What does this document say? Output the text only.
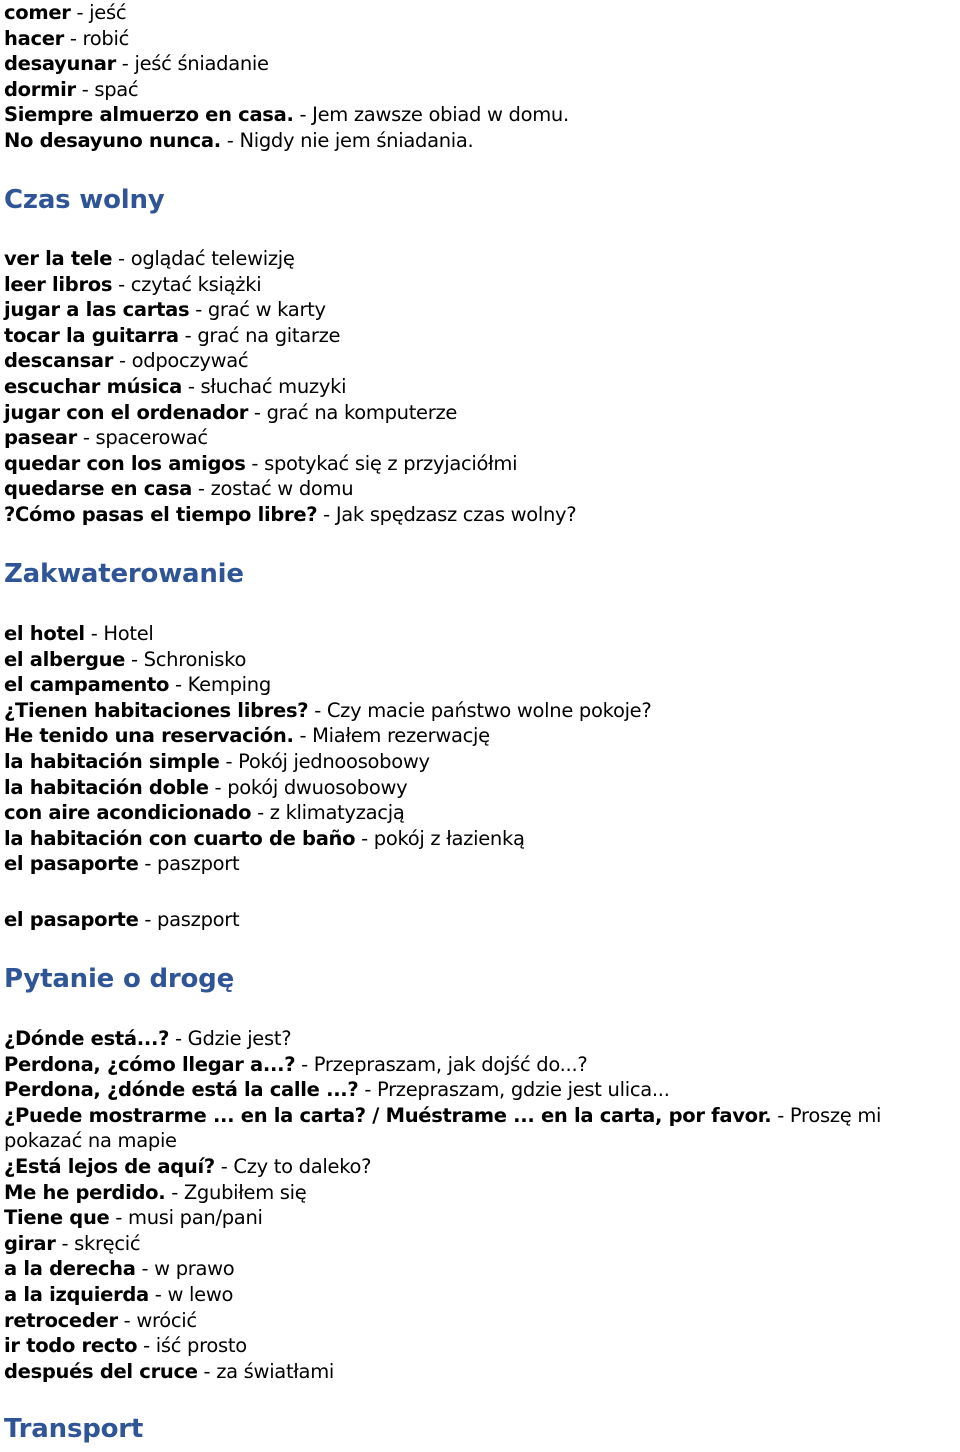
comer - jeść
hacer - robić
desayunar - jeść śniadanie
dormir - spać
Siempre almuerzo en casa. - Jem zawsze obiad w domu.
No desayuno nunca. - Nigdy nie jem śniadania.
Czas wolny
ver la tele - oglądać telewizję
leer libros - czytać książki
jugar a las cartas - grać w karty
tocar la guitarra - grać na gitarze
descansar - odpoczywać
escuchar música - słuchać muzyki
jugar con el ordenador - grać na komputerze
pasear - spacerować
quedar con los amigos - spotykać się z przyjaciółmi
quedarse en casa - zostać w domu
?Cómo pasas el tiempo libre? - Jak spędzasz czas wolny?
Zakwaterowanie
el hotel - Hotel
el albergue - Schronisko
el campamento - Kemping
¿Tienen habitaciones libres? - Czy macie państwo wolne pokoje?
He tenido una reservación. - Miałem rezerwację
la habitación simple - Pokój jednoosobowy
la habitación doble - pokój dwuosobowy
con aire acondicionado - z klimatyzacją
la habitación con cuarto de baño - pokój z łazienką
el pasaporte - paszport
el pasaporte - paszport
Pytanie o drogę
¿Dónde está...? - Gdzie jest?
Perdona, ¿cómo llegar a...? - Przepraszam, jak dojść do...?
Perdona, ¿dónde está la calle ...? - Przepraszam, gdzie jest ulica...
¿Puede mostrarme ... en la carta? / Muéstrame ... en la carta, por favor. - Proszę mi pokazać na mapie
¿Está lejos de aquí? - Czy to daleko?
Me he perdido. - Zgubiłem się
Tiene que - musi pan/pani
girar - skręcić
a la derecha - w prawo
a la izquierda - w lewo
retroceder - wrócić
ir todo recto - iść prosto
después del cruce - za światłami
Transport
